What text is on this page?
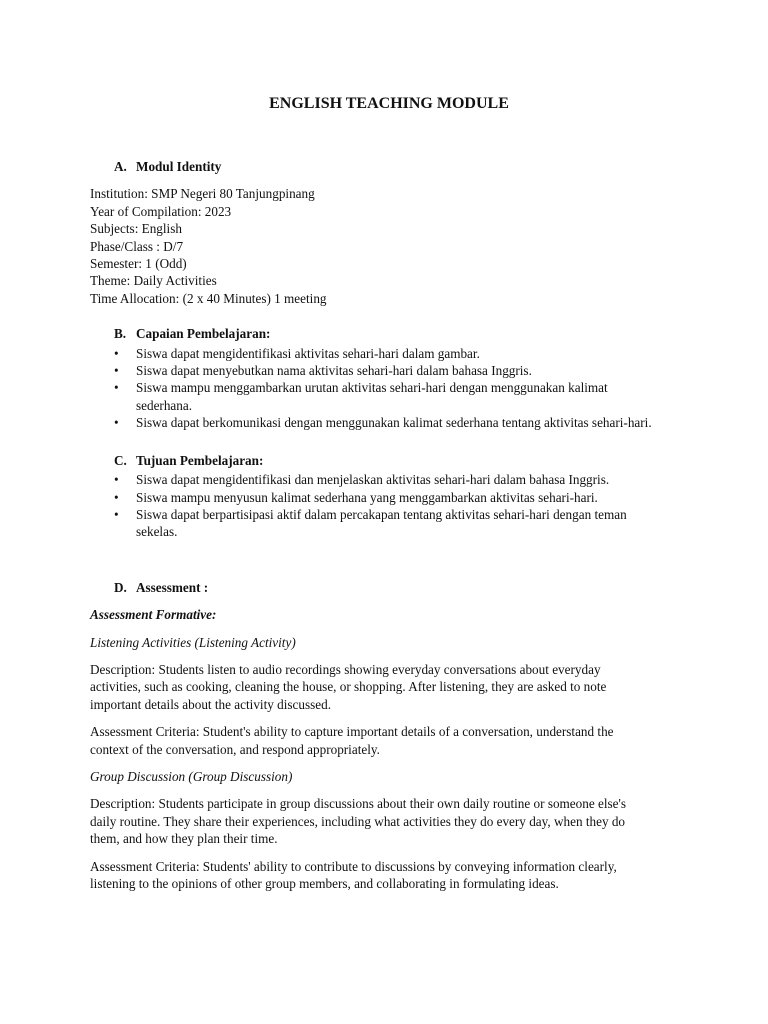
ENGLISH TEACHING MODULE
A. Modul Identity
Institution: SMP Negeri 80 Tanjungpinang
Year of Compilation: 2023
Subjects: English
Phase/Class : D/7
Semester: 1 (Odd)
Theme: Daily Activities
Time Allocation: (2 x 40 Minutes) 1 meeting
B. Capaian Pembelajaran:
• Siswa dapat mengidentifikasi aktivitas sehari-hari dalam gambar.
• Siswa dapat menyebutkan nama aktivitas sehari-hari dalam bahasa Inggris.
• Siswa mampu menggambarkan urutan aktivitas sehari-hari dengan menggunakan kalimat sederhana.
• Siswa dapat berkomunikasi dengan menggunakan kalimat sederhana tentang aktivitas sehari-hari.
C. Tujuan Pembelajaran:
• Siswa dapat mengidentifikasi dan menjelaskan aktivitas sehari-hari dalam bahasa Inggris.
• Siswa mampu menyusun kalimat sederhana yang menggambarkan aktivitas sehari-hari.
• Siswa dapat berpartisipasi aktif dalam percakapan tentang aktivitas sehari-hari dengan teman sekelas.
D. Assessment :

Assessment Formative:

Listening Activities (Listening Activity)

Description: Students listen to audio recordings showing everyday conversations about everyday activities, such as cooking, cleaning the house, or shopping. After listening, they are asked to note important details about the activity discussed.

Assessment Criteria: Student's ability to capture important details of a conversation, understand the context of the conversation, and respond appropriately.

Group Discussion (Group Discussion)

Description: Students participate in group discussions about their own daily routine or someone else's daily routine. They share their experiences, including what activities they do every day, when they do them, and how they plan their time.

Assessment Criteria: Students' ability to contribute to discussions by conveying information clearly, listening to the opinions of other group members, and collaborating in formulating ideas.
